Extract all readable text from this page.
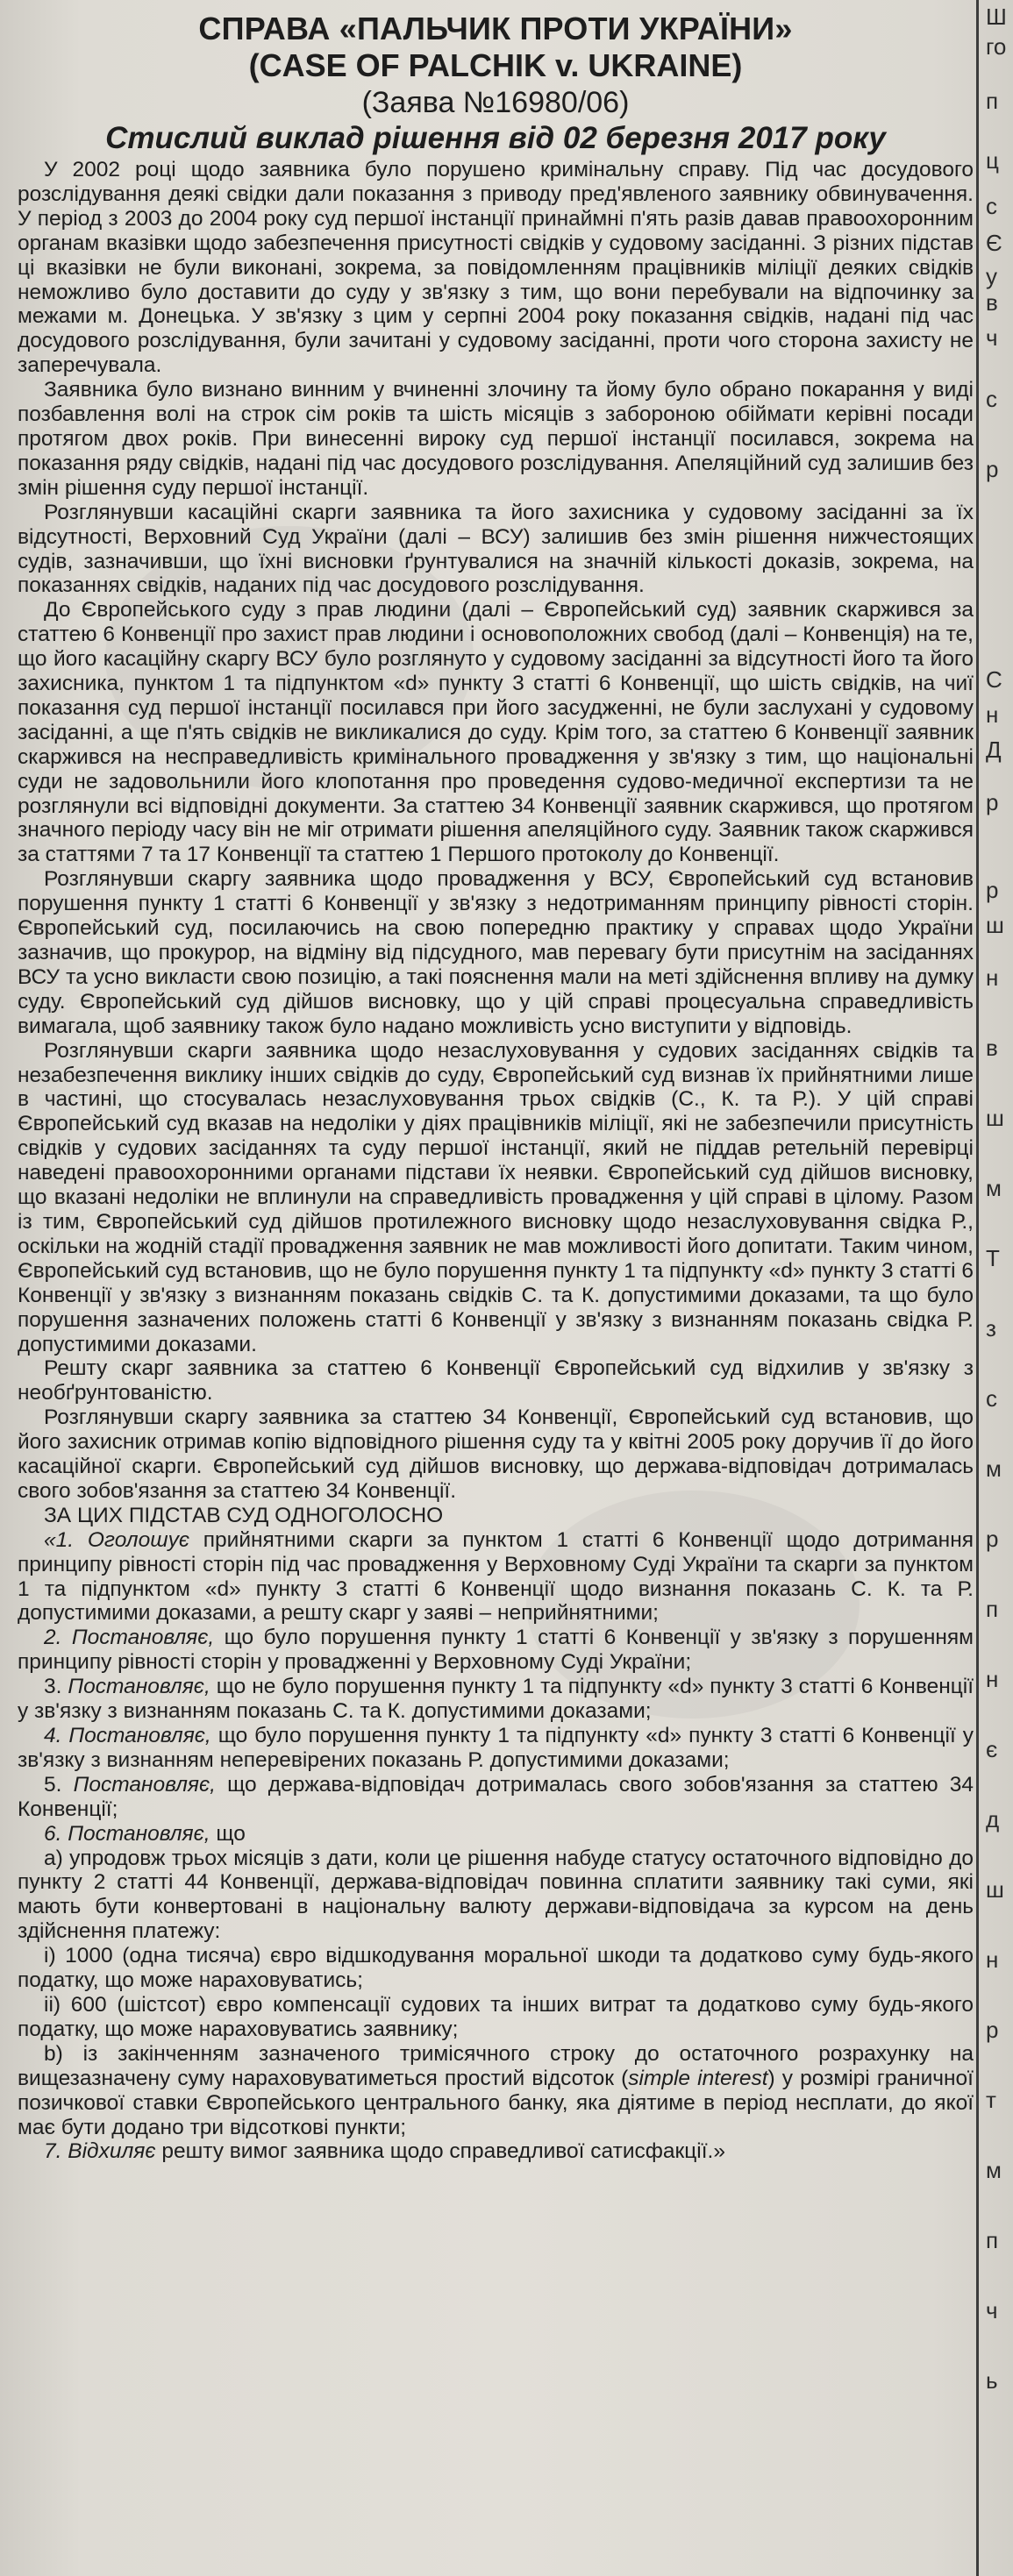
СПРАВА «ПАЛЬЧИК ПРОТИ УКРАЇНИ»
(CASE OF PALCHIK v. UKRAINE)
(Заява №16980/06)
Стислий виклад рішення від 02 березня 2017 року

У 2002 році щодо заявника було порушено кримінальну справу. Під час досудового розслідування деякі свідки дали показання з приводу пред'явленого заявнику обвинувачення. У період з 2003 до 2004 року суд першої інстанції принаймні п'ять разів давав правоохоронним органам вказівки щодо забезпечення присутності свідків у судовому засіданні. З різних підстав ці вказівки не були виконані, зокрема, за повідомленням працівників міліції деяких свідків неможливо було доставити до суду у зв'язку з тим, що вони перебували на відпочинку за межами м. Донецька. У зв'язку з цим у серпні 2004 року показання свідків, надані під час досудового розслідування, були зачитані у судовому засіданні, проти чого сторона захисту не заперечувала.

Заявника було визнано винним у вчиненні злочину та йому було обрано покарання у виді позбавлення волі на строк сім років та шість місяців з забороною обіймати керівні посади протягом двох років. При винесенні вироку суд першої інстанції посилався, зокрема на показання ряду свідків, надані під час досудового розслідування. Апеляційний суд залишив без змін рішення суду першої інстанції.

Розглянувши касаційні скарги заявника та його захисника у судовому засіданні за їх відсутності, Верховний Суд України (далі – ВСУ) залишив без змін рішення нижчестоящих судів, зазначивши, що їхні висновки ґрунтувалися на значній кількості доказів, зокрема, на показаннях свідків, наданих під час досудового розслідування.

До Європейського суду з прав людини (далі – Європейський суд) заявник скаржився за статтею 6 Конвенції про захист прав людини і основоположних свобод (далі – Конвенція) на те, що його касаційну скаргу ВСУ було розглянуто у судовому засіданні за відсутності його та його захисника, пунктом 1 та підпунктом «d» пункту 3 статті 6 Конвенції, що шість свідків, на чиї показання суд першої інстанції посилався при його засудженні, не були заслухані у судовому засіданні, а ще п'ять свідків не викликалися до суду. Крім того, за статтею 6 Конвенції заявник скаржився на несправедливість кримінального провадження у зв'язку з тим, що національні суди не задовольнили його клопотання про проведення судово-медичної експертизи та не розглянули всі відповідні документи. За статтею 34 Конвенції заявник скаржився, що протягом значного періоду часу він не міг отримати рішення апеляційного суду. Заявник також скаржився за статтями 7 та 17 Конвенції та статтею 1 Першого протоколу до Конвенції.

Розглянувши скаргу заявника щодо провадження у ВСУ, Європейський суд встановив порушення пункту 1 статті 6 Конвенції у зв'язку з недотриманням принципу рівності сторін. Європейський суд, посилаючись на свою попередню практику у справах щодо України зазначив, що прокурор, на відміну від підсудного, мав перевагу бути присутнім на засіданнях ВСУ та усно викласти свою позицію, а такі пояснення мали на меті здійснення впливу на думку суду. Європейський суд дійшов висновку, що у цій справі процесуальна справедливість вимагала, щоб заявнику також було надано можливість усно виступити у відповідь.

Розглянувши скарги заявника щодо незаслуховування у судових засіданнях свідків та незабезпечення виклику інших свідків до суду, Європейський суд визнав їх прийнятними лише в частині, що стосувалась незаслуховування трьох свідків (С., К. та Р.). У цій справі Європейський суд вказав на недоліки у діях працівників міліції, які не забезпечили присутність свідків у судових засіданнях та суду першої інстанції, який не піддав ретельній перевірці наведені правоохоронними органами підстави їх неявки. Європейський суд дійшов висновку, що вказані недоліки не вплинули на справедливість провадження у цій справі в цілому. Разом із тим, Європейський суд дійшов протилежного висновку щодо незаслуховування свідка Р., оскільки на жодній стадії провадження заявник не мав можливості його допитати. Таким чином, Європейський суд встановив, що не було порушення пункту 1 та підпункту «d» пункту 3 статті 6 Конвенції у зв'язку з визнанням показань свідків С. та К. допустимими доказами, та що було порушення зазначених положень статті 6 Конвенції у зв'язку з визнанням показань свідка Р. допустимими доказами.

Решту скарг заявника за статтею 6 Конвенції Європейський суд відхилив у зв'язку з необґрунтованістю.

Розглянувши скаргу заявника за статтею 34 Конвенції, Європейський суд встановив, що його захисник отримав копію відповідного рішення суду та у квітні 2005 року доручив її до його касаційної скарги. Європейський суд дійшов висновку, що держава-відповідач дотрималась свого зобов'язання за статтею 34 Конвенції.

ЗА ЦИХ ПІДСТАВ СУД ОДНОГОЛОСНО

«1. Оголошує прийнятними скарги за пунктом 1 статті 6 Конвенції щодо дотримання принципу рівності сторін під час провадження у Верховному Суді України та скарги за пунктом 1 та підпунктом «d» пункту 3 статті 6 Конвенції щодо визнання показань С. К. та Р. допустимими доказами, а решту скарг у заяві – неприйнятними;

2. Постановляє, що було порушення пункту 1 статті 6 Конвенції у зв'язку з порушенням принципу рівності сторін у провадженні у Верховному Суді України;

3. Постановляє, що не було порушення пункту 1 та підпункту «d» пункту 3 статті 6 Конвенції у зв'язку з визнанням показань С. та К. допустимими доказами;

4. Постановляє, що було порушення пункту 1 та підпункту «d» пункту 3 статті 6 Конвенції у зв'язку з визнанням неперевірених показань Р. допустимими доказами;

5. Постановляє, що держава-відповідач дотрималась свого зобов'язання за статтею 34 Конвенції;

6. Постановляє, що

а) упродовж трьох місяців з дати, коли це рішення набуде статусу остаточного відповідно до пункту 2 статті 44 Конвенції, держава-відповідач повинна сплатити заявнику такі суми, які мають бути конвертовані в національну валюту держави-відповідача за курсом на день здійснення платежу:

і) 1000 (одна тисяча) євро відшкодування моральної шкоди та додатково суму будь-якого податку, що може нараховуватись;

іі) 600 (шістсот) євро компенсації судових та інших витрат та додатково суму будь-якого податку, що може нараховуватись заявнику;

b) із закінченням зазначеного тримісячного строку до остаточного розрахунку на вищезазначену суму нараховуватиметься простий відсоток (simple interest) у розмірі граничної позичкової ставки Європейського центрального банку, яка діятиме в період несплати, до якої має бути додано три відсоткові пункти;

7. Відхиляє решту вимог заявника щодо справедливої сатисфакції.»

Ш
го
п
ц
с
Є
у
в
ч
с
р
С
н
Д
р
р
ш
н
в
ш
м
Т
з
с
м
р
п
н
є
д
ш
н
р
т
м
п
ч
ь
